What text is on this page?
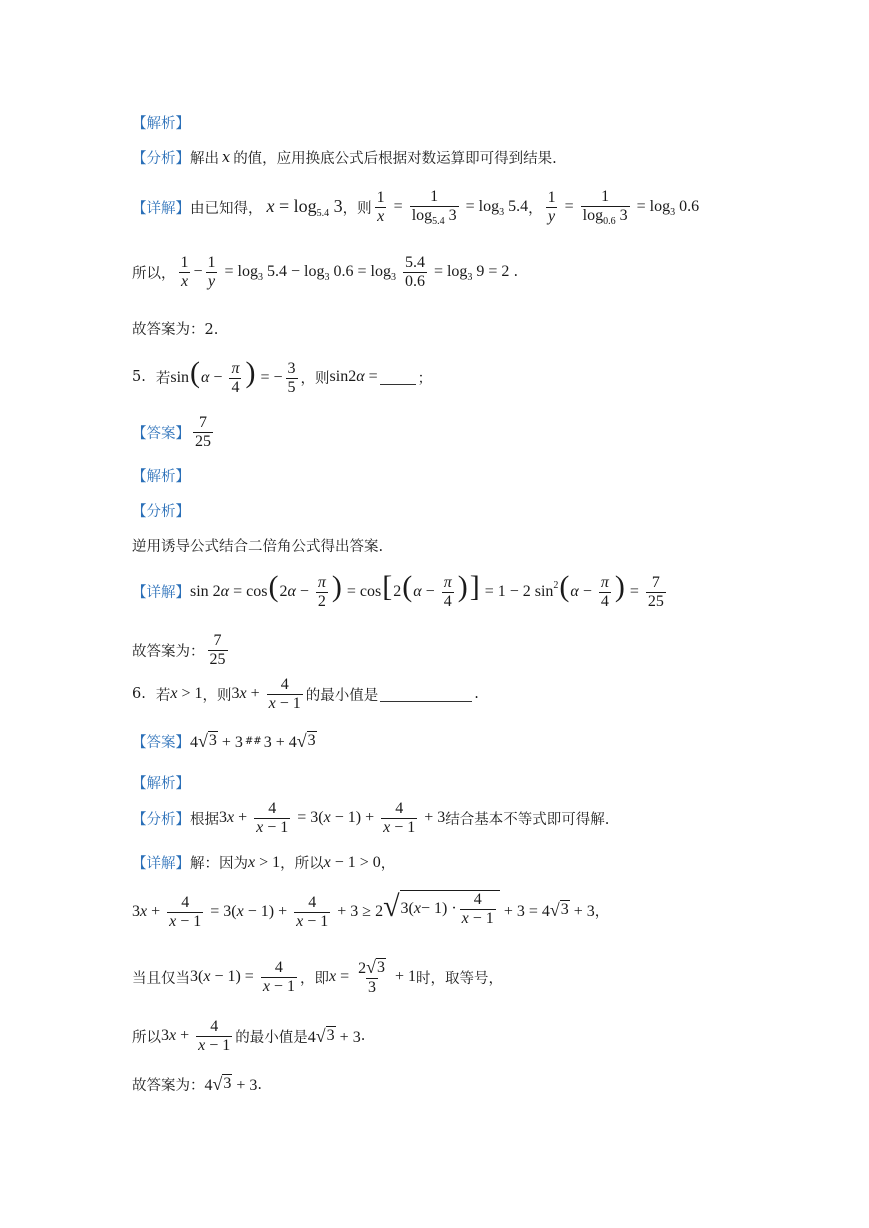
【解析】
【分析】 解出 x 的值，应用换底公式后根据对数运算即可得到结果.
【详解】 由已知得， $x = \log_{5.4} 3$ ，则 $\frac{1}{x} = \frac{1}{\log_{5.4} 3} = \log_3 5.4$ ， $\frac{1}{y} = \frac{1}{\log_{0.6} 3} = \log_3 0.6$
所以， $\frac{1}{x} - \frac{1}{y} = \log_3 5.4 - \log_3 0.6 = \log_3 \frac{5.4}{0.6} = \log_3 9 = 2$ .
故答案为：2.
5. 若 $\sin(\alpha - \frac{\pi}{4}$ ) = − $\frac{3}{5}$ ，则 sin2α =	；
【答案】 $\frac{7}{25}$
【解析】
【分析】
逆用诱导公式结合二倍角公式得出答案.
【详解】 $\sin 2\alpha = \cos(2\alpha - \frac{\pi}{2}$ ) = $\cos[2(\alpha - \frac{\pi}{4}$ )] = 1 − 2 $\sin^2(\alpha - \frac{\pi}{4}$ ) = $\frac{7}{25}$
故答案为： $\frac{7}{25}$
6. 若 x > 1 ，则 $3x + \frac{4}{x - 1}$ 的最小值是	.
【答案】 4 √ 3 + 3 ## 3 + 4 √ 3
【解析】
【分析】 根据 $3x + \frac{4}{x - 1} = 3(x - 1) + \frac{4}{x - 1} + 3$ 结合基本不等式即可得解.
【详解】 解：因为 x > 1 ，所以 x − 1 > 0 ，
$3x + \frac{4}{x - 1} = 3(x - 1) + \frac{4}{x - 1} + 3 \ge 2$ √ 3( $x - 1) \cdot \frac{4}{x - 1} + 3 = 4$ √ 3 + 3 ，
当且仅当 $3(x - 1) = \frac{4}{x - 1}$ ，即 $x = \frac{2 √ 3}{3} + 1$ 时，取等号，
所以 $3x + \frac{4}{x - 1}$ 的最小值是 4 √ 3 + 3 .
故答案为： 4 √ 3 + 3 .
